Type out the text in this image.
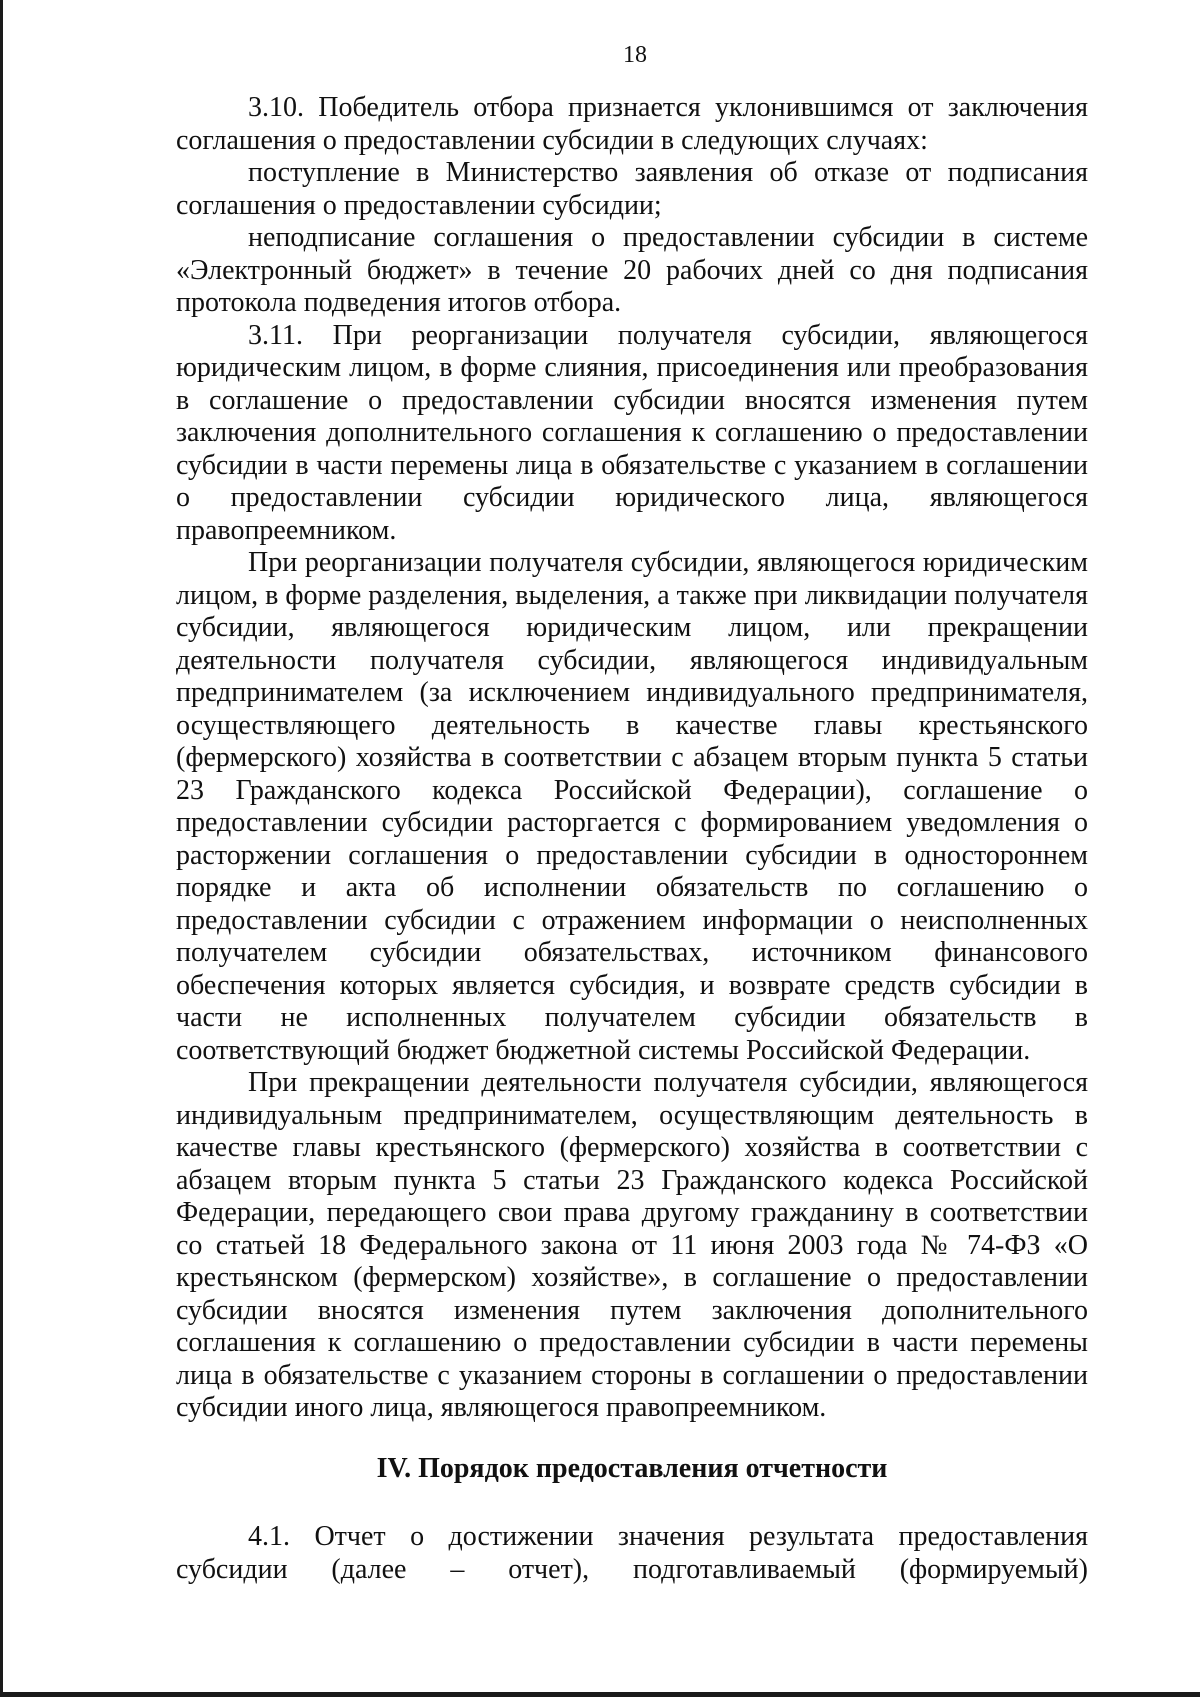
18

3.10. Победитель отбора признается уклонившимся от заключения соглашения о предоставлении субсидии в следующих случаях:

поступление в Министерство заявления об отказе от подписания соглашения о предоставлении субсидии;

неподписание соглашения о предоставлении субсидии в системе «Электронный бюджет» в течение 20 рабочих дней со дня подписания протокола подведения итогов отбора.

3.11. При реорганизации получателя субсидии, являющегося юридическим лицом, в форме слияния, присоединения или преобразования в соглашение о предоставлении субсидии вносятся изменения путем заключения дополнительного соглашения к соглашению о предоставлении субсидии в части перемены лица в обязательстве с указанием в соглашении о предоставлении субсидии юридического лица, являющегося правопреемником.

При реорганизации получателя субсидии, являющегося юридическим лицом, в форме разделения, выделения, а также при ликвидации получателя субсидии, являющегося юридическим лицом, или прекращении деятельности получателя субсидии, являющегося индивидуальным предпринимателем (за исключением индивидуального предпринимателя, осуществляющего деятельность в качестве главы крестьянского (фермерского) хозяйства в соответствии с абзацем вторым пункта 5 статьи 23 Гражданского кодекса Российской Федерации), соглашение о предоставлении субсидии расторгается с формированием уведомления о расторжении соглашения о предоставлении субсидии в одностороннем порядке и акта об исполнении обязательств по соглашению о предоставлении субсидии с отражением информации о неисполненных получателем субсидии обязательствах, источником финансового обеспечения которых является субсидия, и возврате средств субсидии в части не исполненных получателем субсидии обязательств в соответствующий бюджет бюджетной системы Российской Федерации.

При прекращении деятельности получателя субсидии, являющегося индивидуальным предпринимателем, осуществляющим деятельность в качестве главы крестьянского (фермерского) хозяйства в соответствии с абзацем вторым пункта 5 статьи 23 Гражданского кодекса Российской Федерации, передающего свои права другому гражданину в соответствии со статьей 18 Федерального закона от 11 июня 2003 года № 74-ФЗ «О крестьянском (фермерском) хозяйстве», в соглашение о предоставлении субсидии вносятся изменения путем заключения дополнительного соглашения к соглашению о предоставлении субсидии в части перемены лица в обязательстве с указанием стороны в соглашении о предоставлении субсидии иного лица, являющегося правопреемником.

IV. Порядок предоставления отчетности

4.1. Отчет о достижении значения результата предоставления субсидии (далее – отчет), подготавливаемый (формируемый)
